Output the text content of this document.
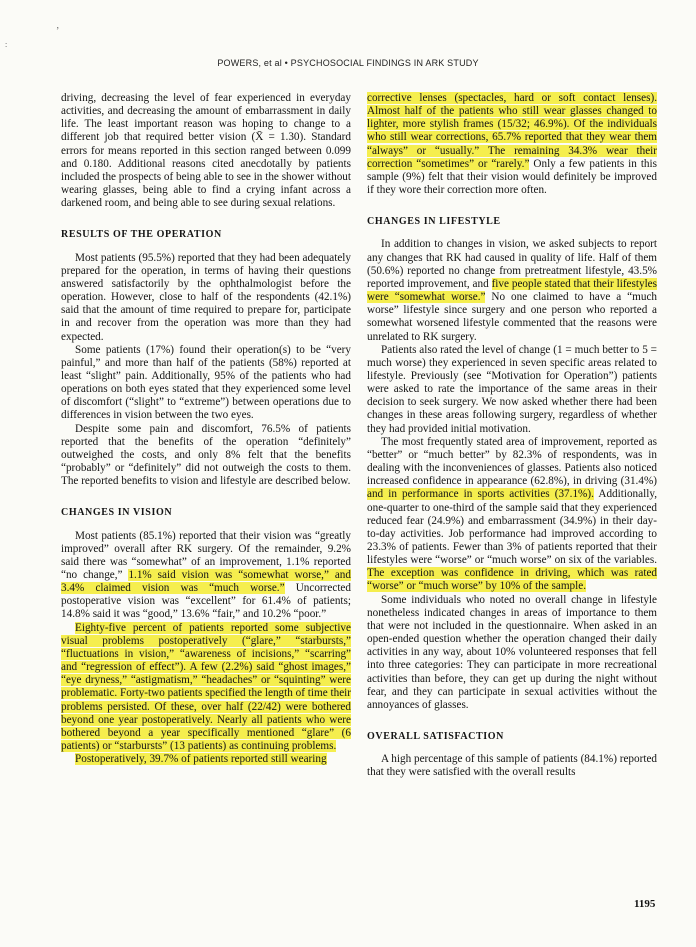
’
:
POWERS, et al • PSYCHOSOCIAL FINDINGS IN ARK STUDY

driving, decreasing the level of fear experienced in everyday activities, and decreasing the amount of embarrassment in daily life. The least important reason was hoping to change to a different job that required better vision (X̄ = 1.30). Standard errors for means reported in this section ranged between 0.099 and 0.180. Additional reasons cited anecdotally by patients included the prospects of being able to see in the shower without wearing glasses, being able to find a crying infant across a darkened room, and being able to see during sexual relations.

RESULTS OF THE OPERATION

Most patients (95.5%) reported that they had been adequately prepared for the operation, in terms of having their questions answered satisfactorily by the ophthalmologist before the operation. However, close to half of the respondents (42.1%) said that the amount of time required to prepare for, participate in and recover from the operation was more than they had expected.

Some patients (17%) found their operation(s) to be “very painful,” and more than half of the patients (58%) reported at least “slight” pain. Additionally, 95% of the patients who had operations on both eyes stated that they experienced some level of discomfort (“slight” to “extreme”) between operations due to differences in vision between the two eyes.

Despite some pain and discomfort, 76.5% of patients reported that the benefits of the operation “definitely” outweighed the costs, and only 8% felt that the benefits “probably” or “definitely” did not outweigh the costs to them. The reported benefits to vision and lifestyle are described below.

CHANGES IN VISION

Most patients (85.1%) reported that their vision was “greatly improved” overall after RK surgery. Of the remainder, 9.2% said there was “somewhat” of an improvement, 1.1% reported “no change,” 1.1% said vision was “somewhat worse,” and 3.4% claimed vision was “much worse.” Uncorrected postoperative vision was “excellent” for 61.4% of patients; 14.8% said it was “good,” 13.6% “fair,” and 10.2% “poor.”

Eighty-five percent of patients reported some subjective visual problems postoperatively (“glare,” “starbursts,” “fluctuations in vision,” “awareness of incisions,” “scarring” and “regression of effect”). A few (2.2%) said “ghost images,” “eye dryness,” “astigmatism,” “headaches” or “squinting” were problematic. Forty-two patients specified the length of time their problems persisted. Of these, over half (22/42) were bothered beyond one year postoperatively. Nearly all patients who were bothered beyond a year specifically mentioned “glare” (6 patients) or “starbursts” (13 patients) as continuing problems.

Postoperatively, 39.7% of patients reported still wearing

corrective lenses (spectacles, hard or soft contact lenses). Almost half of the patients who still wear glasses changed to lighter, more stylish frames (15/32; 46.9%). Of the individuals who still wear corrections, 65.7% reported that they wear them “always” or “usually.” The remaining 34.3% wear their correction “sometimes” or “rarely.” Only a few patients in this sample (9%) felt that their vision would definitely be improved if they wore their correction more often.

CHANGES IN LIFESTYLE

In addition to changes in vision, we asked subjects to report any changes that RK had caused in quality of life. Half of them (50.6%) reported no change from pretreatment lifestyle, 43.5% reported improvement, and five people stated that their lifestyles were “somewhat worse.” No one claimed to have a “much worse” lifestyle since surgery and one person who reported a somewhat worsened lifestyle commented that the reasons were unrelated to RK surgery.

Patients also rated the level of change (1 = much better to 5 = much worse) they experienced in seven specific areas related to lifestyle. Previously (see “Motivation for Operation”) patients were asked to rate the importance of the same areas in their decision to seek surgery. We now asked whether there had been changes in these areas following surgery, regardless of whether they had provided initial motivation.

The most frequently stated area of improvement, reported as “better” or “much better” by 82.3% of respondents, was in dealing with the inconveniences of glasses. Patients also noticed increased confidence in appearance (62.8%), in driving (31.4%) and in performance in sports activities (37.1%). Additionally, one-quarter to one-third of the sample said that they experienced reduced fear (24.9%) and embarrassment (34.9%) in their day-to-day activities. Job performance had improved according to 23.3% of patients. Fewer than 3% of patients reported that their lifestyles were “worse” or “much worse” on six of the variables. The exception was confidence in driving, which was rated “worse” or “much worse” by 10% of the sample.

Some individuals who noted no overall change in lifestyle nonetheless indicated changes in areas of importance to them that were not included in the questionnaire. When asked in an open-ended question whether the operation changed their daily activities in any way, about 10% volunteered responses that fell into three categories: They can participate in more recreational activities than before, they can get up during the night without fear, and they can participate in sexual activities without the annoyances of glasses.

OVERALL SATISFACTION

A high percentage of this sample of patients (84.1%) reported that they were satisfied with the overall results

1195
